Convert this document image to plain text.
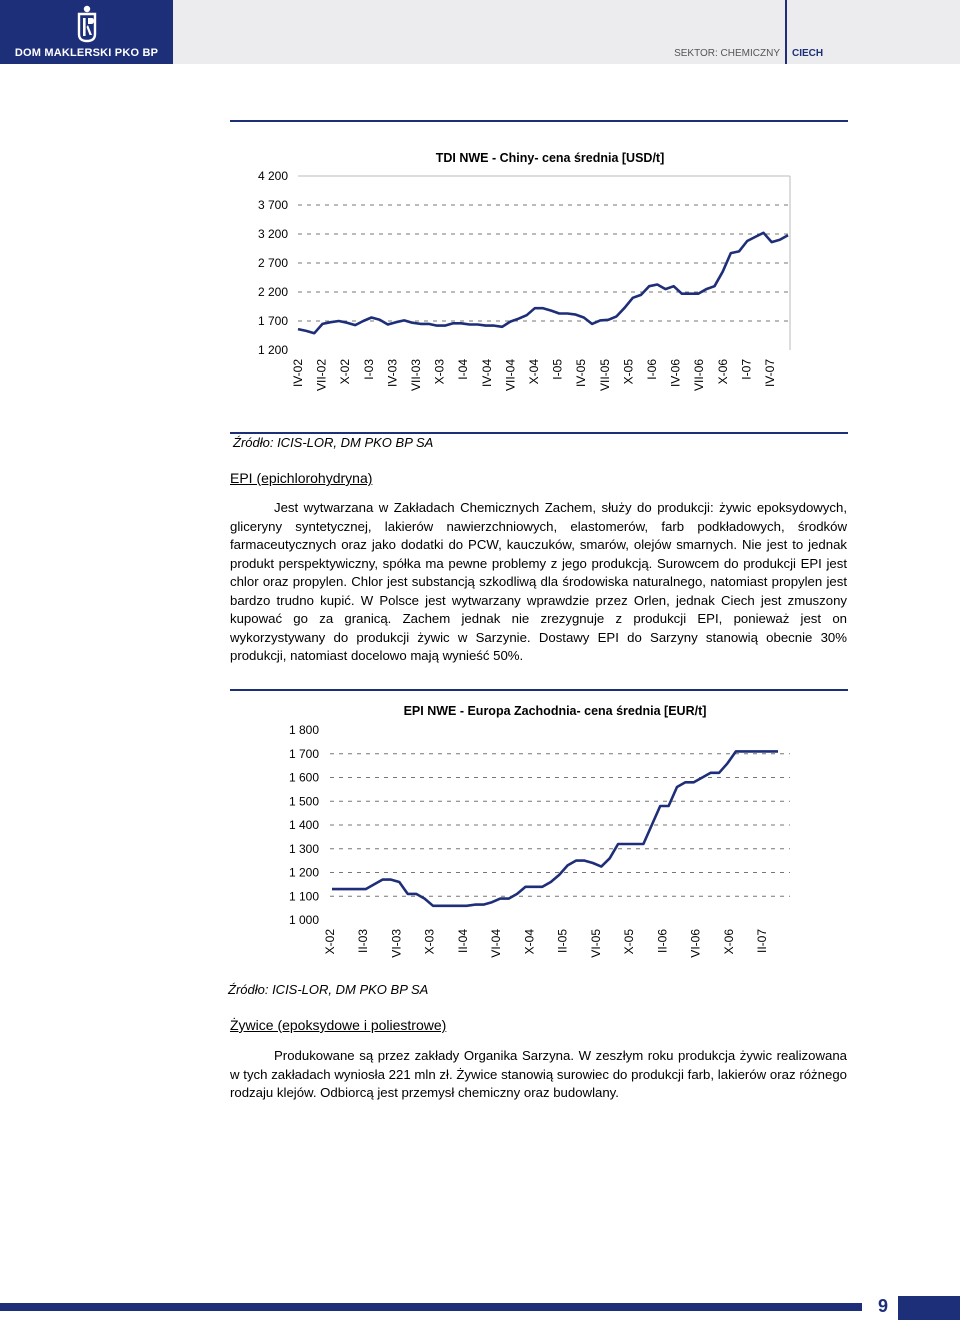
DOM MAKLERSKI PKO BP	SEKTOR: CHEMICZNY CIECH
TDI NWE - Chiny- cena średnia [USD/t]
4 200
3 700
3 200
2 700
2 200
1 700
1 200
IV-02 VII-02 X-02 I-03 IV-03 VII-03 X-03 I-04 IV-04 VII-04 X-04 I-05 IV-05 VII-05 X-05 I-06 IV-06 VII-06 X-06 I-07 IV-07
Źródło: ICIS-LOR, DM PKO BP SA
EPI (epichlorohydryna)
Jest wytwarzana w Zakładach Chemicznych Zachem, służy do produkcji: żywic epoksydowych, gliceryny syntetycznej, lakierów nawierzchniowych, elastomerów, farb podkładowych, środków farmaceutycznych oraz jako dodatki do PCW, kauczuków, smarów, olejów smarnych. Nie jest to jednak produkt perspektywiczny, spółka ma pewne problemy z jego produkcją. Surowcem do produkcji EPI jest chlor oraz propylen. Chlor jest substancją szkodliwą dla środowiska naturalnego, natomiast propylen jest bardzo trudno kupić. W Polsce jest wytwarzany wprawdzie przez Orlen, jednak Ciech jest zmuszony kupować go za granicą. Zachem jednak nie zrezygnuje z produkcji EPI, ponieważ jest on wykorzystywany do produkcji żywic w Sarzynie. Dostawy EPI do Sarzyny stanowią obecnie 30% produkcji, natomiast docelowo mają wynieść 50%.
EPI NWE - Europa Zachodnia- cena średnia [EUR/t]
1 800
1 700
1 600
1 500
1 400
1 300
1 200
1 100
1 000
X-02 II-03 VI-03 X-03 II-04 VI-04 X-04 II-05 VI-05 X-05 II-06 VI-06 X-06 II-07
Źródło: ICIS-LOR, DM PKO BP SA
Żywice (epoksydowe i poliestrowe)
Produkowane są przez zakłady Organika Sarzyna. W zeszłym roku produkcja żywic realizowana w tych zakładach wyniosła 221 mln zł. Żywice stanowią surowiec do produkcji farb, lakierów oraz różnego rodzaju klejów. Odbiorcą jest przemysł chemiczny oraz budowlany.
9
